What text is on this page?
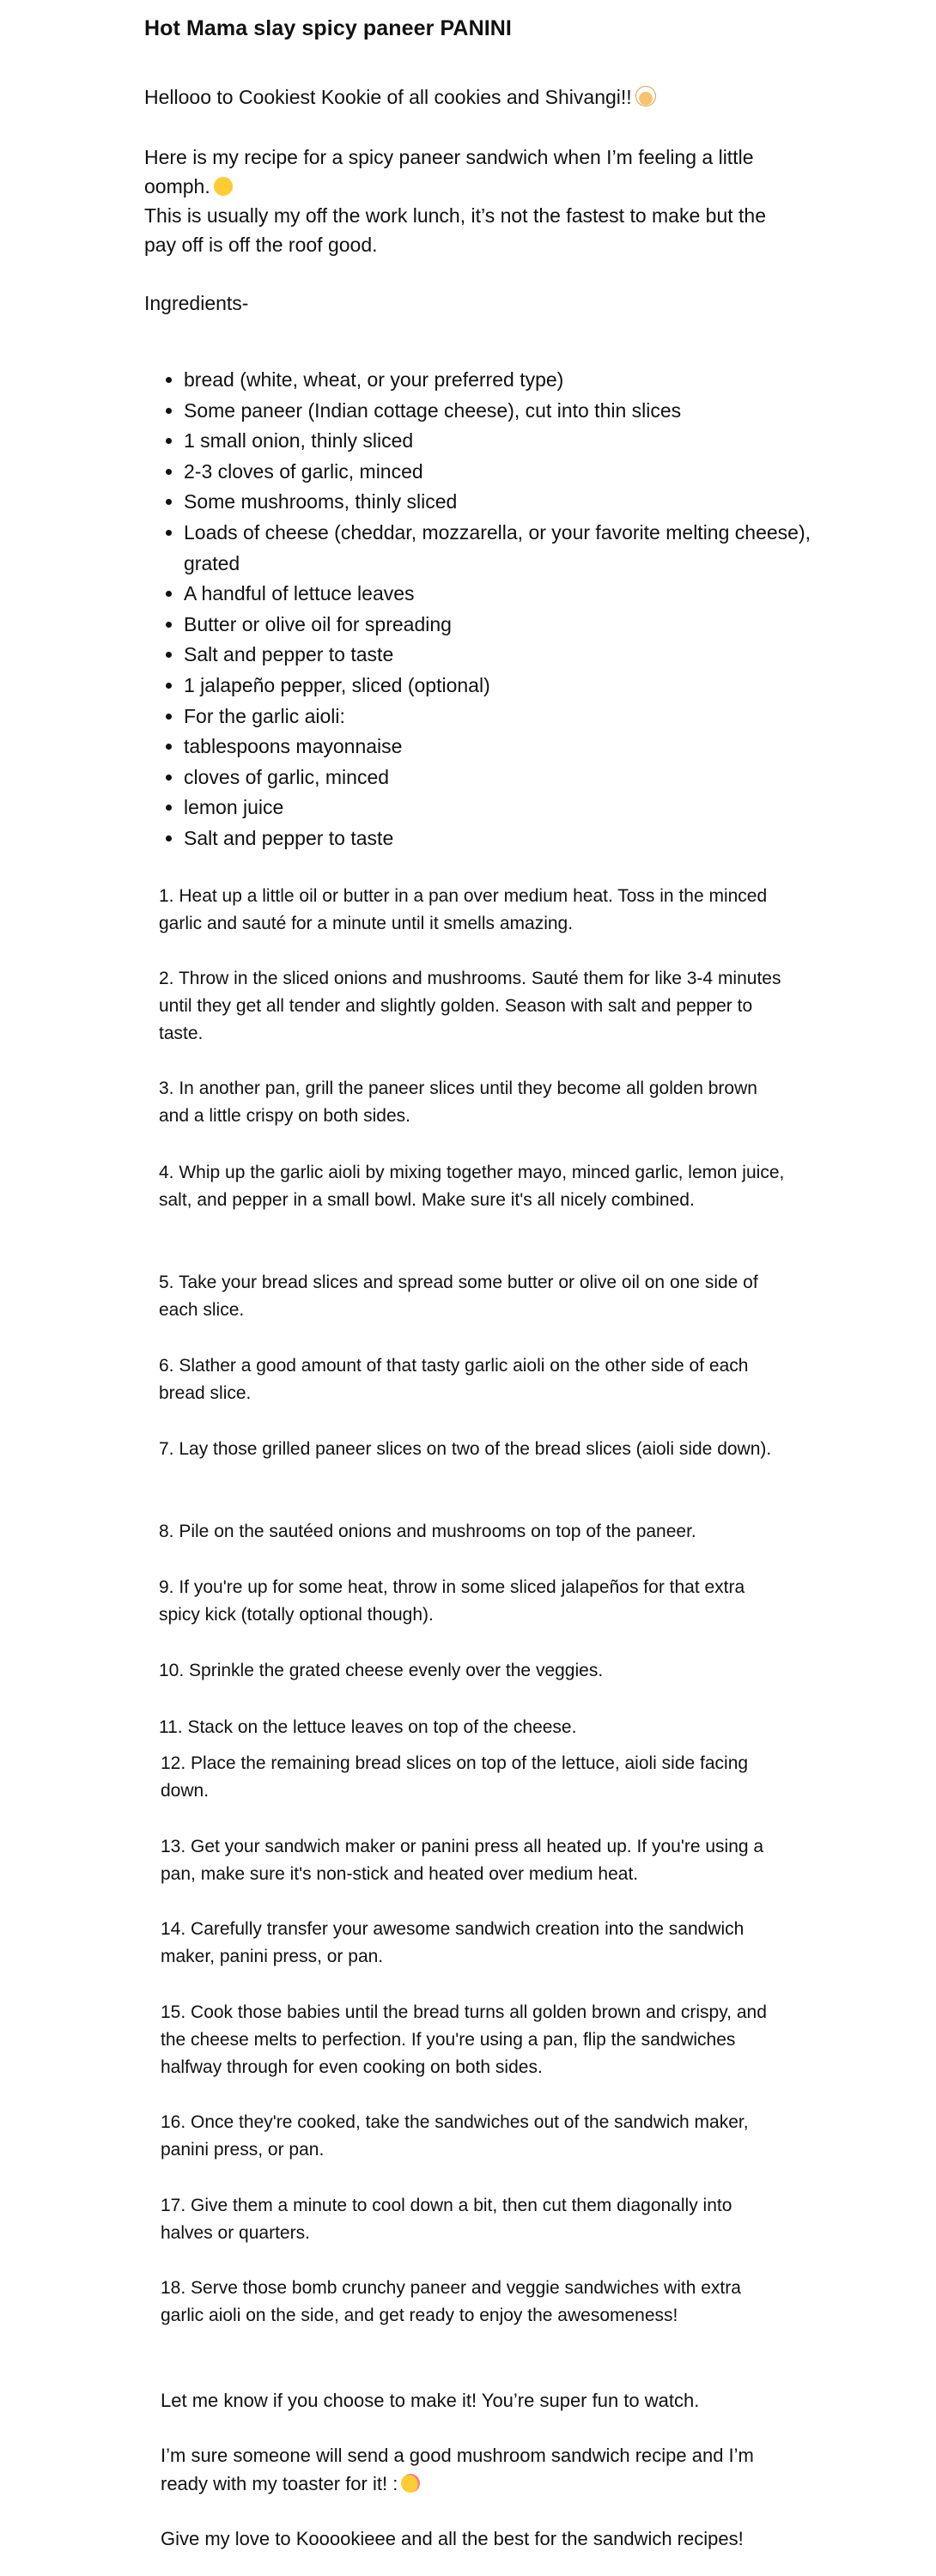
Hot Mama slay spicy paneer PANINI

Hellooo to Cookiest Kookie of all cookies and Shivangi!!

Here is my recipe for a spicy paneer sandwich when I’m feeling a little oomph.

This is usually my off the work lunch, it’s not the fastest to make but the pay off is off the roof good.

Ingredients-

• bread (white, wheat, or your preferred type)
• Some paneer (Indian cottage cheese), cut into thin slices
• 1 small onion, thinly sliced
• 2-3 cloves of garlic, minced
• Some mushrooms, thinly sliced
• Loads of cheese (cheddar, mozzarella, or your favorite melting cheese), grated
• A handful of lettuce leaves
• Butter or olive oil for spreading
• Salt and pepper to taste
• 1 jalapeño pepper, sliced (optional)
• For the garlic aioli:
• tablespoons mayonnaise
• cloves of garlic, minced
• lemon juice
• Salt and pepper to taste

1. Heat up a little oil or butter in a pan over medium heat. Toss in the minced garlic and sauté for a minute until it smells amazing.

2. Throw in the sliced onions and mushrooms. Sauté them for like 3-4 minutes until they get all tender and slightly golden. Season with salt and pepper to taste.

3. In another pan, grill the paneer slices until they become all golden brown and a little crispy on both sides.

4. Whip up the garlic aioli by mixing together mayo, minced garlic, lemon juice, salt, and pepper in a small bowl. Make sure it's all nicely combined.

5. Take your bread slices and spread some butter or olive oil on one side of each slice.

6. Slather a good amount of that tasty garlic aioli on the other side of each bread slice.

7. Lay those grilled paneer slices on two of the bread slices (aioli side down).

8. Pile on the sautéed onions and mushrooms on top of the paneer.

9. If you're up for some heat, throw in some sliced jalapeños for that extra spicy kick (totally optional though).

10. Sprinkle the grated cheese evenly over the veggies.

11. Stack on the lettuce leaves on top of the cheese.

12. Place the remaining bread slices on top of the lettuce, aioli side facing down.

13. Get your sandwich maker or panini press all heated up. If you're using a pan, make sure it's non-stick and heated over medium heat.

14. Carefully transfer your awesome sandwich creation into the sandwich maker, panini press, or pan.

15. Cook those babies until the bread turns all golden brown and crispy, and the cheese melts to perfection. If you're using a pan, flip the sandwiches halfway through for even cooking on both sides.

16. Once they're cooked, take the sandwiches out of the sandwich maker, panini press, or pan.

17. Give them a minute to cool down a bit, then cut them diagonally into halves or quarters.

18. Serve those bomb crunchy paneer and veggie sandwiches with extra garlic aioli on the side, and get ready to enjoy the awesomeness!

Let me know if you choose to make it! You’re super fun to watch.

I’m sure someone will send a good mushroom sandwich recipe and I’m ready with my toaster for it! :

Give my love to Kooookieee and all the best for the sandwich recipes!
